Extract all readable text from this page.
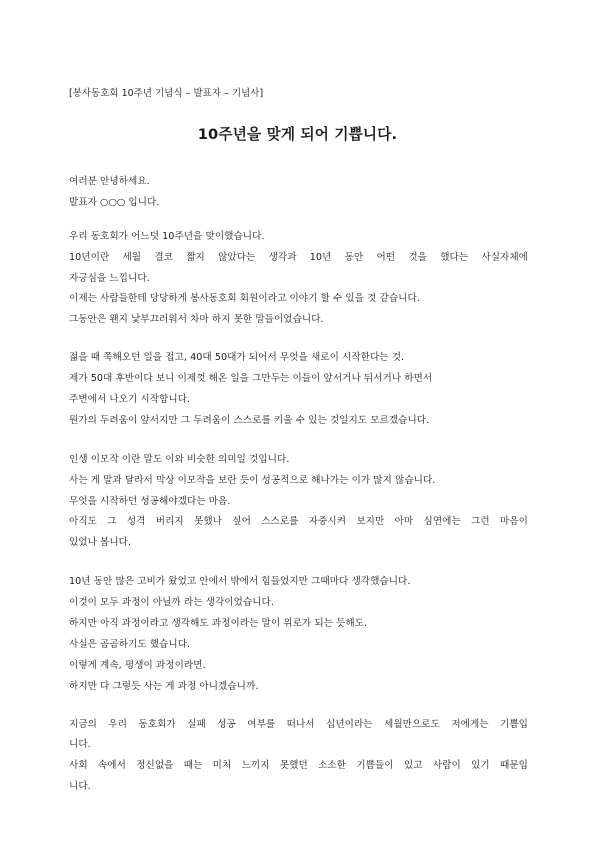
[봉사동호회 10주년 기념식 – 발표자 – 기념사]
10주년을 맞게 되어 기쁩니다.
여러분 안녕하세요.
발표자 ○○○ 입니다.
우리 동호회가 어느덧 10주년을 맞이했습니다.
10년이란 세월 결코 짧지 않았다는 생각과 10년 동안 어떤 것을 했다는 사실자체에
자긍심을 느낍니다.
이제는 사람들한테 당당하게 봉사동호회 회원이라고 이야기 할 수 있을 것 같습니다.
그동안은 왠지 낯부끄러워서 차마 하지 못한 말들이었습니다.
젊을 때 쭉해오던 일을 접고, 40대 50대가 되어서 무엇을 새로이 시작한다는 것.
제가 50대 후반이다 보니 이제껏 해온 일을 그만두는 이들이 앞서거나 뒤서거나 하면서
주변에서 나오기 시작합니다.
뭔가의 두려움이 앞서지만 그 두려움이 스스로를 키울 수 있는 것일지도 모르겠습니다.
인생 이모작 이란 말도 이와 비슷한 의미일 것입니다.
사는 게 말과 달라서 막상 이모작을 보란 듯이 성공적으로 해나가는 이가 많지 않습니다.
무엇을 시작하던 성공해야겠다는 마음.
아직도 그 성격 버리지 못했나 싶어 스스로를 자중시켜 보지만 아마 심연에는 그런 마음이
있었나 봅니다.
10년 동안 많은 고비가 왔었고 안에서 밖에서 힘들었지만 그때마다 생각했습니다.
이것이 모두 과정이 아닐까 라는 생각이었습니다.
하지만 아직 과정이라고 생각해도 과정이라는 말이 위로가 되는 듯해도.
사실은 곰곰하기도 했습니다.
이렇게 계속, 평생이 과정이라면.
하지만 다 그렇듯 사는 게 과정 아니겠습니까.
지금의 우리 동호회가 실패 성공 여부를 떠나서 십년이라는 세월만으로도 저에게는 기쁨입
니다.
사회 속에서 정신없을 때는 미처 느끼지 못했던 소소한 기쁨들이 있고 사람이 있기 때문입
니다.
